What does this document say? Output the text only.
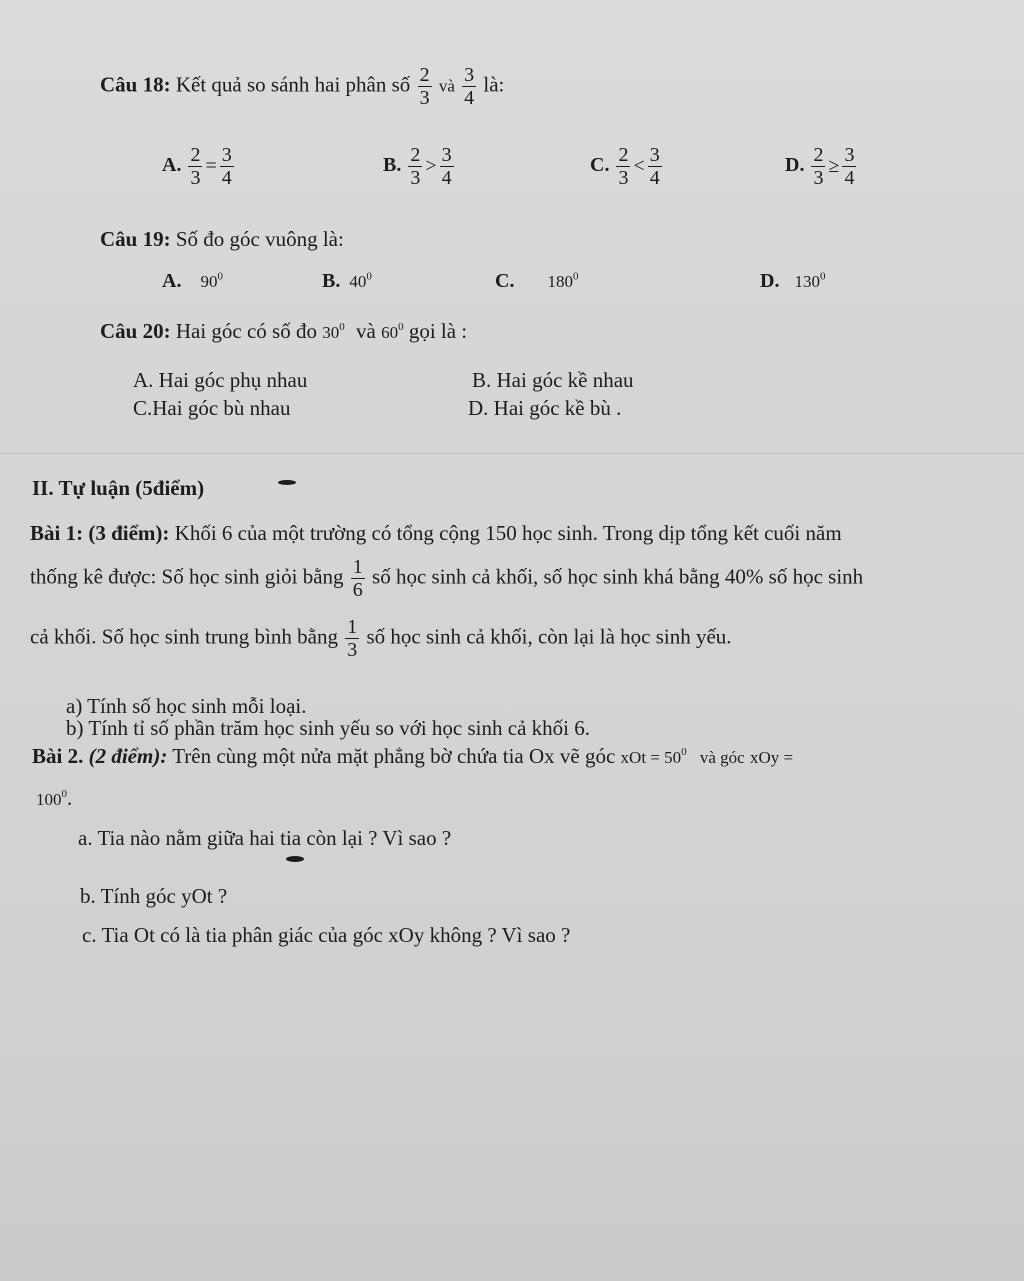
Câu 18: Kết quả so sánh hai phân số $\frac{2}{3}$ và $\frac{3}{4}$ là:
A. $\frac{2}{3} = \frac{3}{4}$	B. $\frac{2}{3} > \frac{3}{4}$	C. $\frac{2}{3} < \frac{3}{4}$	D. $\frac{2}{3} \ge \frac{3}{4}$
Câu 19: Số đo góc vuông là:
A. $90^0$	B. $40^0$	C. $180^0$	D. $130^0$
Câu 20: Hai góc có số đo $30^0$ và $60^0$ gọi là :
A. Hai góc phụ nhau	B. Hai góc kề nhau
C.Hai góc bù nhau	D. Hai góc kề bù .
II. Tự luận (5điểm)
Bài 1: (3 điểm): Khối 6 của một trường có tổng cộng 150 học sinh. Trong dịp tổng kết cuối năm
thống kê được: Số học sinh giỏi bằng $\frac{1}{6}$ số học sinh cả khối, số học sinh khá bằng 40% số học sinh
cả khối. Số học sinh trung bình bằng $\frac{1}{3}$ số học sinh cả khối, còn lại là học sinh yếu.
a) Tính số học sinh mỗi loại.
b) Tính tỉ số phần trăm học sinh yếu so với học sinh cả khối 6.
Bài 2. (2 điểm): Trên cùng một nửa mặt phẳng bờ chứa tia Ox vẽ góc xOt = $50^0$ và góc xOy =
$100^0$.
a. Tia nào nằm giữa hai tia còn lại ? Vì sao ?
b. Tính góc yOt ?
c. Tia Ot có là tia phân giác của góc xOy không ? Vì sao ?
